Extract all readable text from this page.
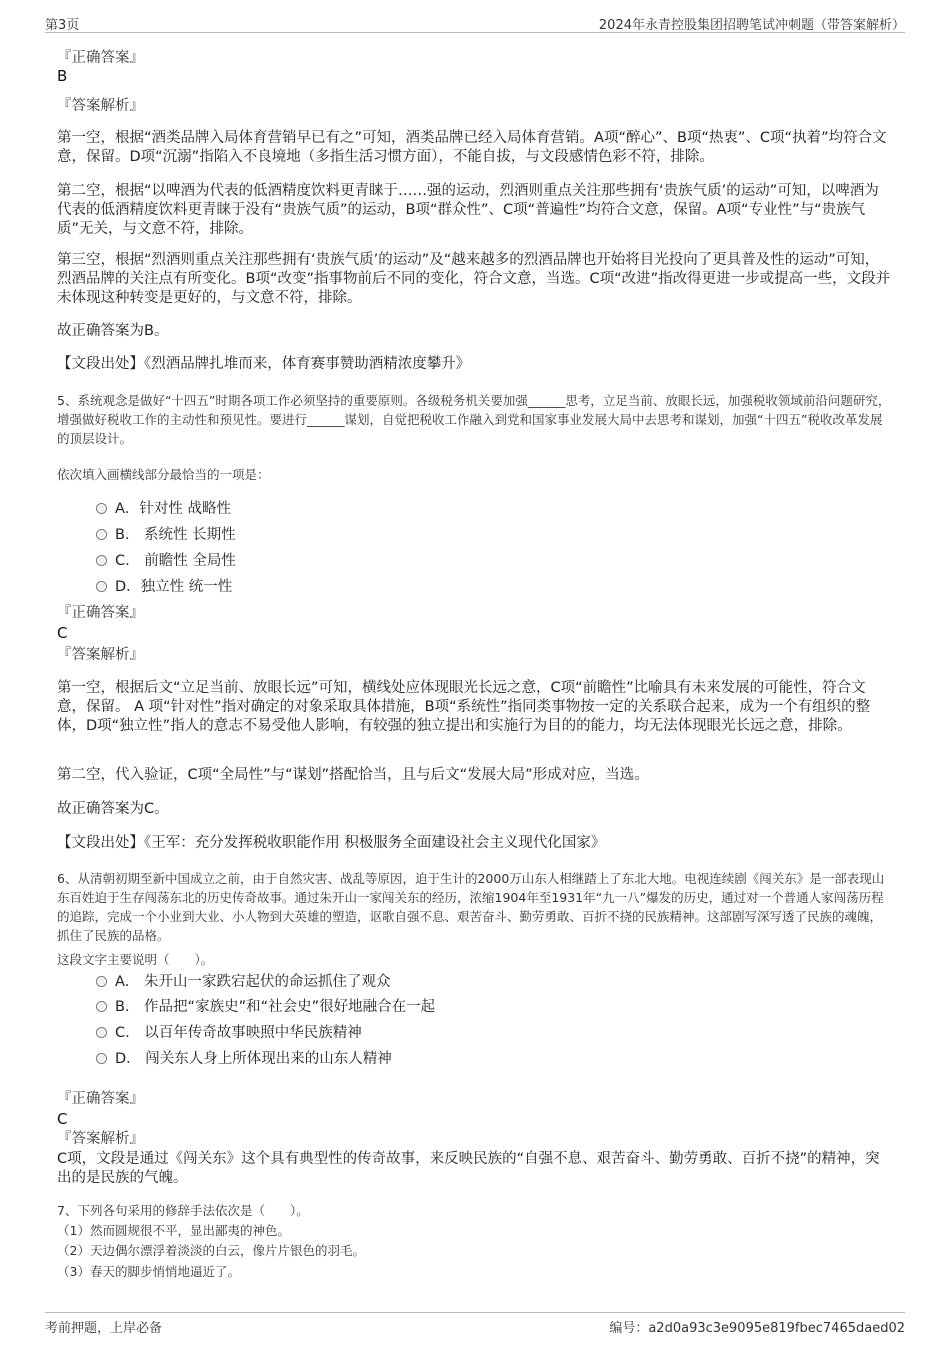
第3页	2024年永青控股集团招聘笔试冲刺题（带答案解析）
『正确答案』
B
『答案解析』
第一空，根据“酒类品牌入局体育营销早已有之”可知，酒类品牌已经入局体育营销。A项“醉心”、B项“热衷”、C项“执着”均符合文意，保留。D项“沉溺”指陷入不良境地（多指生活习惯方面），不能自拔，与文段感情色彩不符，排除。
第二空，根据“以啤酒为代表的低酒精度饮料更青睐于……强的运动，烈酒则重点关注那些拥有‘贵族气质’的运动”可知，以啤酒为代表的低酒精度饮料更青睐于没有“贵族气质”的运动，B项“群众性”、C项“普遍性”均符合文意，保留。A项“专业性”与“贵族气质”无关，与文意不符，排除。
第三空，根据“烈酒则重点关注那些拥有‘贵族气质’的运动”及“越来越多的烈酒品牌也开始将目光投向了更具普及性的运动”可知，烈酒品牌的关注点有所变化。B项“改变”指事物前后不同的变化，符合文意，当选。C项“改进”指改得更进一步或提高一些，文段并未体现这种转变是更好的，与文意不符，排除。
故正确答案为B。
【文段出处】《烈酒品牌扎堆而来，体育赛事赞助酒精浓度攀升》
5、系统观念是做好“十四五”时期各项工作必须坚持的重要原则。各级税务机关要加强______思考，立足当前、放眼长远，加强税收领域前沿问题研究，增强做好税收工作的主动性和预见性。要进行______谋划，自觉把税收工作融入到党和国家事业发展大局中去思考和谋划，加强“十四五”税收改革发展的顶层设计。
依次填入画横线部分最恰当的一项是：
A．针对性 战略性
B． 系统性 长期性
C． 前瞻性 全局性
D．独立性 统一性
『正确答案』
C
『答案解析』
第一空，根据后文“立足当前、放眼长远”可知，横线处应体现眼光长远之意，C项“前瞻性”比喻具有未来发展的可能性，符合文意，保留。 A 项“针对性”指对确定的对象采取具体措施，B项“系统性”指同类事物按一定的关系联合起来，成为一个有组织的整体，D项“独立性”指人的意志不易受他人影响，有较强的独立提出和实施行为目的的能力，均无法体现眼光长远之意，排除。
第二空，代入验证，C项“全局性”与“谋划”搭配恰当，且与后文“发展大局”形成对应，当选。
故正确答案为C。
【文段出处】《王军：充分发挥税收职能作用 积极服务全面建设社会主义现代化国家》
6、从清朝初期至新中国成立之前，由于自然灾害、战乱等原因，迫于生计的2000万山东人相继踏上了东北大地。电视连续剧《闯关东》是一部表现山东百姓迫于生存闯荡东北的历史传奇故事。通过朱开山一家闯关东的经历，浓缩1904年至1931年“九一八”爆发的历史，通过对一个普通人家闯荡历程的追踪，完成一个小业到大业、小人物到大英雄的塑造，讴歌自强不息、艰苦奋斗、勤劳勇敢、百折不挠的民族精神。这部剧写深写透了民族的魂魄，抓住了民族的品格。
这段文字主要说明（　　）。
A． 朱开山一家跌宕起伏的命运抓住了观众
B． 作品把“家族史”和“社会史”很好地融合在一起
C． 以百年传奇故事映照中华民族精神
D． 闯关东人身上所体现出来的山东人精神
『正确答案』
C
『答案解析』
C项，文段是通过《闯关东》这个具有典型性的传奇故事，来反映民族的“自强不息、艰苦奋斗、勤劳勇敢、百折不挠”的精神，突出的是民族的气魄。
7、下列各句采用的修辞手法依次是（　　）。
（1）然而圆规很不平，显出鄙夷的神色。
（2）天边偶尔漂浮着淡淡的白云，像片片银色的羽毛。
（3）春天的脚步悄悄地逼近了。
考前押题，上岸必备	编号：a2d0a93c3e9095e819fbec7465daed02
